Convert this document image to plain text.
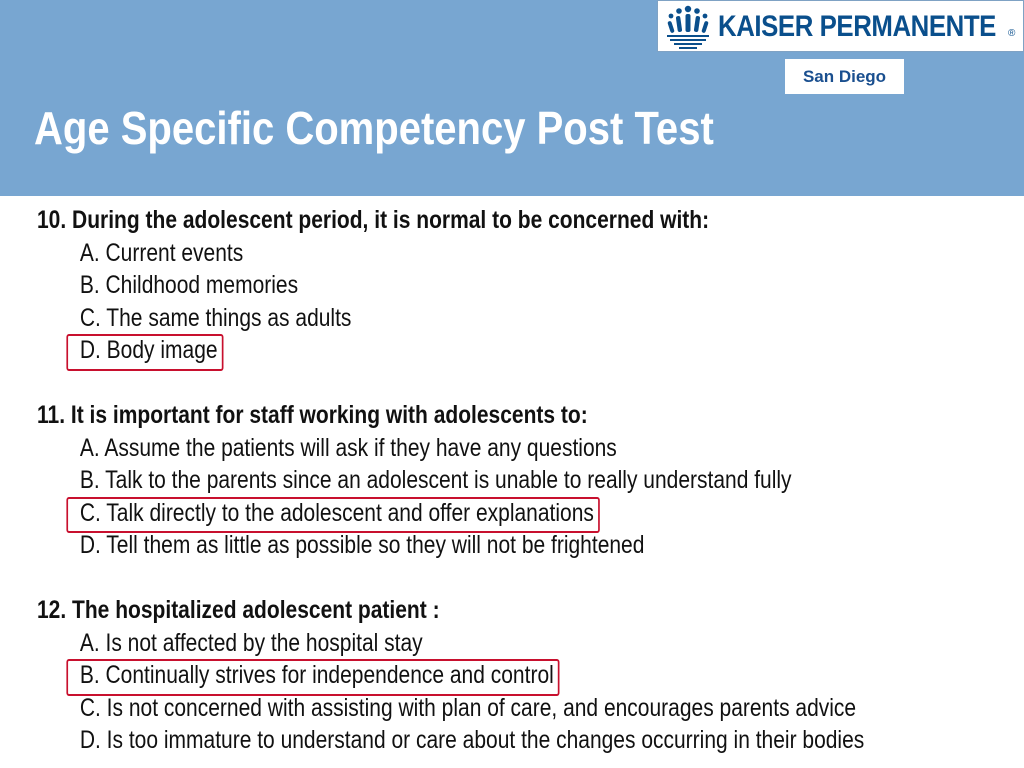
KAISER PERMANENTE ®
San Diego
Age Specific Competency Post Test
10. During the adolescent period, it is normal to be concerned with:
A. Current events
B. Childhood memories
C. The same things as adults
D. Body image
11. It is important for staff working with adolescents to:
A. Assume the patients will ask if they have any questions
B. Talk to the parents since an adolescent is unable to really understand fully
C. Talk directly to the adolescent and offer explanations
D. Tell them as little as possible so they will not be frightened
12. The hospitalized adolescent patient :
A. Is not affected by the hospital stay
B. Continually strives for independence and control
C. Is not concerned with assisting with plan of care, and encourages parents advice
D. Is too immature to understand or care about the changes occurring in their bodies
